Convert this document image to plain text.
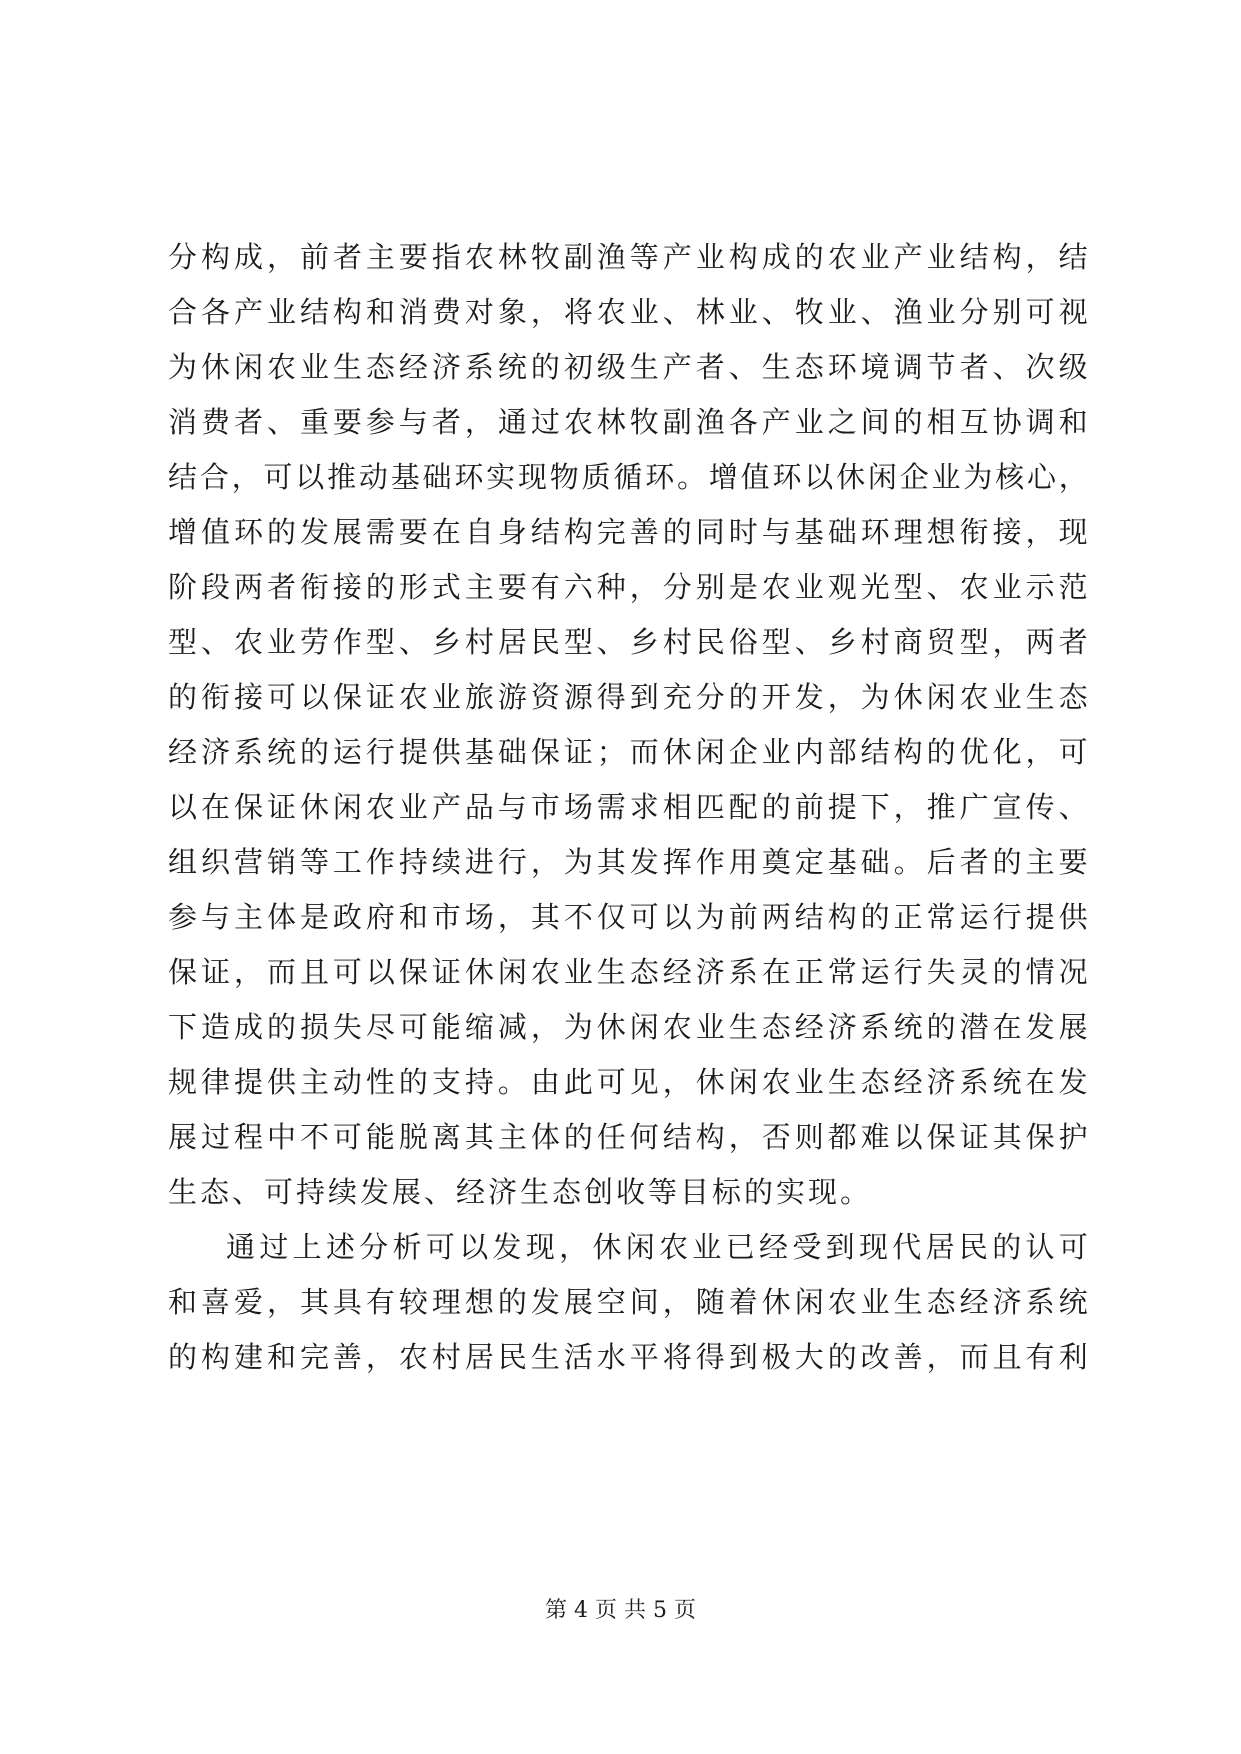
分 构 成 ， 前 者 主 要 指 农 林 牧 副 渔 等 产 业 构 成 的 农 业 产 业 结 构 ， 结
合 各 产 业 结 构 和 消 费 对 象 ， 将 农 业 、 林 业 、 牧 业 、 渔 业 分 别 可 视
为 休 闲 农 业 生 态 经 济 系 统 的 初 级 生 产 者 、 生 态 环 境 调 节 者 、 次 级
消 费 者 、 重 要 参 与 者 ， 通 过 农 林 牧 副 渔 各 产 业 之 间 的 相 互 协 调 和
结 合 ， 可 以 推 动 基 础 环 实 现 物 质 循 环 。 增 值 环 以 休 闲 企 业 为 核 心 ，
增 值 环 的 发 展 需 要 在 自 身 结 构 完 善 的 同 时 与 基 础 环 理 想 衔 接 ， 现
阶 段 两 者 衔 接 的 形 式 主 要 有 六 种 ， 分 别 是 农 业 观 光 型 、 农 业 示 范
型 、 农 业 劳 作 型 、 乡 村 居 民 型 、 乡 村 民 俗 型 、 乡 村 商 贸 型 ， 两 者
的 衔 接 可 以 保 证 农 业 旅 游 资 源 得 到 充 分 的 开 发 ， 为 休 闲 农 业 生 态
经 济 系 统 的 运 行 提 供 基 础 保 证 ； 而 休 闲 企 业 内 部 结 构 的 优 化 ， 可
以 在 保 证 休 闲 农 业 产 品 与 市 场 需 求 相 匹 配 的 前 提 下 ， 推 广 宣 传 、
组 织 营 销 等 工 作 持 续 进 行 ， 为 其 发 挥 作 用 奠 定 基 础 。 后 者 的 主 要
参 与 主 体 是 政 府 和 市 场 ， 其 不 仅 可 以 为 前 两 结 构 的 正 常 运 行 提 供
保 证 ， 而 且 可 以 保 证 休 闲 农 业 生 态 经 济 系 在 正 常 运 行 失 灵 的 情 况
下 造 成 的 损 失 尽 可 能 缩 减 ， 为 休 闲 农 业 生 态 经 济 系 统 的 潜 在 发 展
规 律 提 供 主 动 性 的 支 持 。 由 此 可 见 ， 休 闲 农 业 生 态 经 济 系 统 在 发
展 过 程 中 不 可 能 脱 离 其 主 体 的 任 何 结 构 ， 否 则 都 难 以 保 证 其 保 护
生态、可持续发展、经济生态创收等目标的实现。
通 过 上 述 分 析 可 以 发 现 ， 休 闲 农 业 已 经 受 到 现 代 居 民 的 认 可
和 喜 爱 ， 其 具 有 较 理 想 的 发 展 空 间 ， 随 着 休 闲 农 业 生 态 经 济 系 统
的 构 建 和 完 善 ， 农 村 居 民 生 活 水 平 将 得 到 极 大 的 改 善 ， 而 且 有 利
第 4 页 共 5 页
